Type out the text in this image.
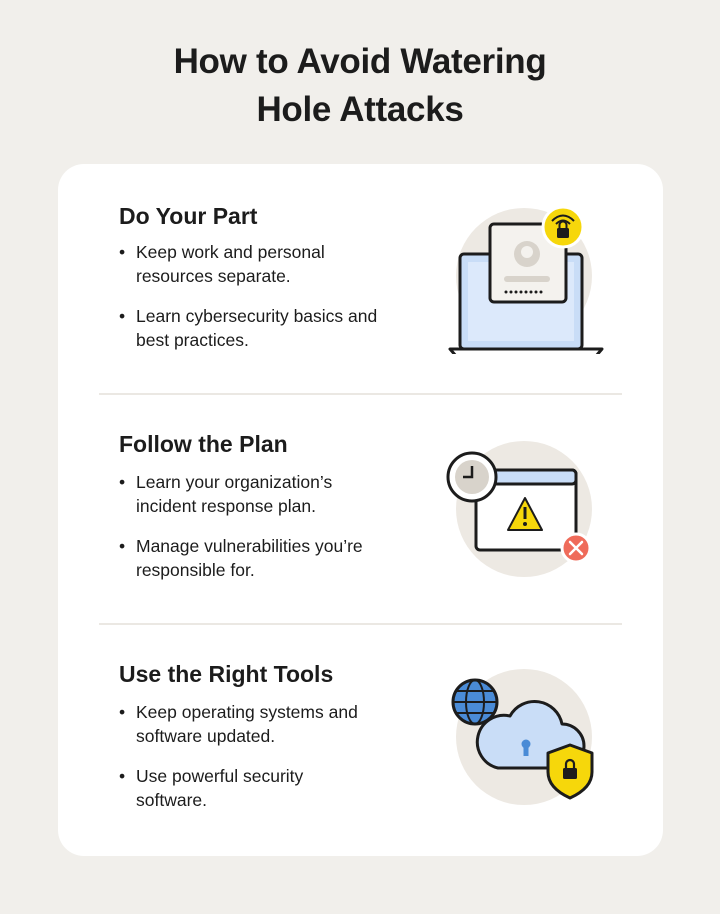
How to Avoid Watering
Hole Attacks
Do Your Part
• Keep work and personal resources separate.
• Learn cybersecurity basics and best practices.
Follow the Plan
• Learn your organization’s incident response plan.
• Manage vulnerabilities you’re responsible for.
Use the Right Tools
• Keep operating systems and software updated.
• Use powerful security software.
